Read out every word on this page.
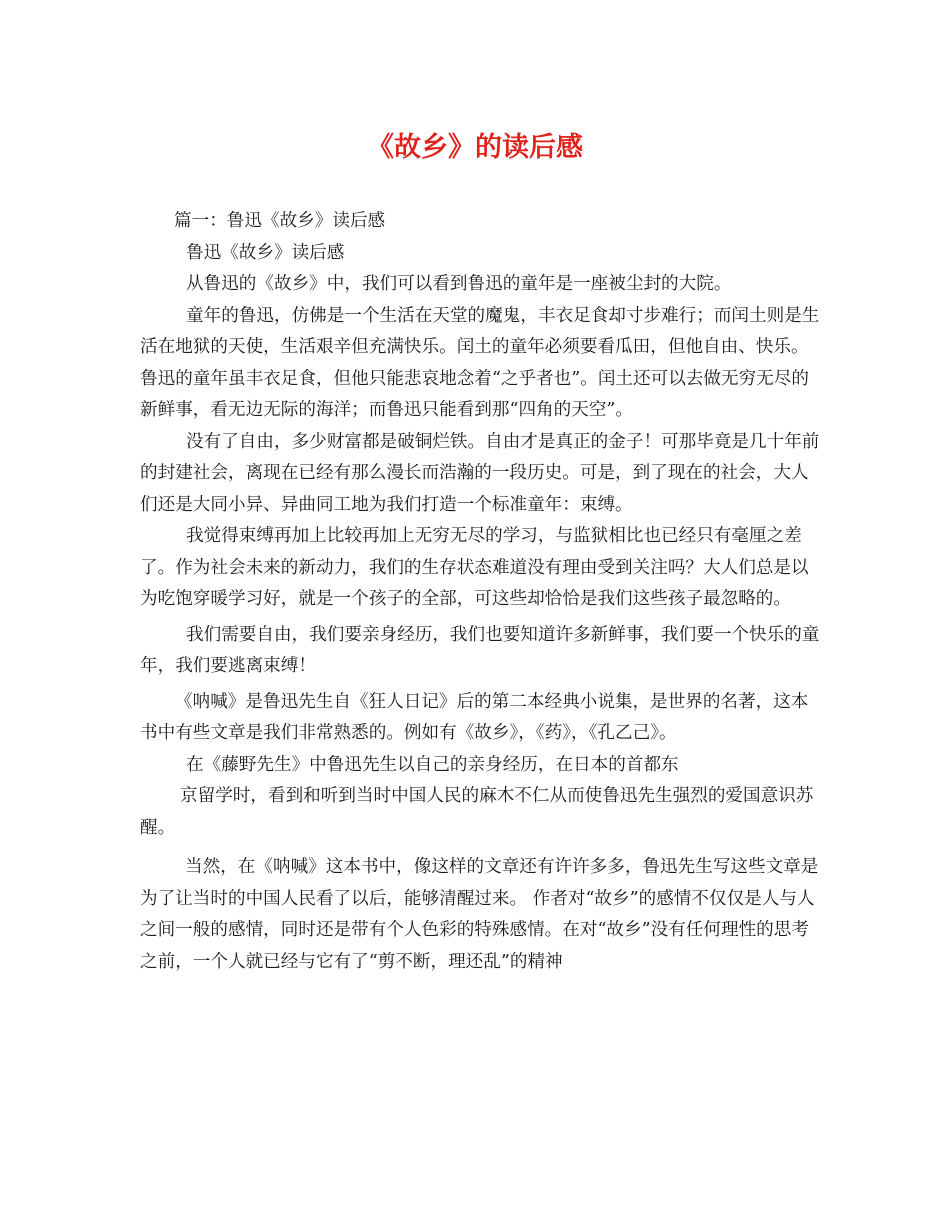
《故乡》的读后感

篇一：鲁迅《故乡》读后感

鲁迅《故乡》读后感

从鲁迅的《故乡》中，我们可以看到鲁迅的童年是一座被尘封的大院。

童年的鲁迅，仿佛是一个生活在天堂的魔鬼，丰衣足食却寸步难行；而闰土则是生活在地狱的天使，生活艰辛但充满快乐。闰土的童年必须要看瓜田，但他自由、快乐。鲁迅的童年虽丰衣足食，但他只能悲哀地念着“之乎者也”。闰土还可以去做无穷无尽的新鲜事，看无边无际的海洋；而鲁迅只能看到那“四角的天空”。

没有了自由，多少财富都是破铜烂铁。自由才是真正的金子！可那毕竟是几十年前的封建社会，离现在已经有那么漫长而浩瀚的一段历史。可是，到了现在的社会，大人们还是大同小异、异曲同工地为我们打造一个标准童年：束缚。

我觉得束缚再加上比较再加上无穷无尽的学习，与监狱相比也已经只有毫厘之差了。作为社会未来的新动力，我们的生存状态难道没有理由受到关注吗？大人们总是以为吃饱穿暖学习好，就是一个孩子的全部，可这些却恰恰是我们这些孩子最忽略的。

我们需要自由，我们要亲身经历，我们也要知道许多新鲜事，我们要一个快乐的童年，我们要逃离束缚！

《呐喊》是鲁迅先生自《狂人日记》后的第二本经典小说集，是世界的名著，这本书中有些文章是我们非常熟悉的。例如有《故乡》，《药》，《孔乙己》。

在《藤野先生》中鲁迅先生以自己的亲身经历，在日本的首都东

京留学时，看到和听到当时中国人民的麻木不仁从而使鲁迅先生强烈的爱国意识苏醒。

当然，在《呐喊》这本书中，像这样的文章还有许许多多，鲁迅先生写这些文章是为了让当时的中国人民看了以后，能够清醒过来。 作者对“故乡”的感情不仅仅是人与人之间一般的感情，同时还是带有个人色彩的特殊感情。在对“故乡”没有任何理性的思考之前，一个人就已经与它有了“剪不断，理还乱”的精神
